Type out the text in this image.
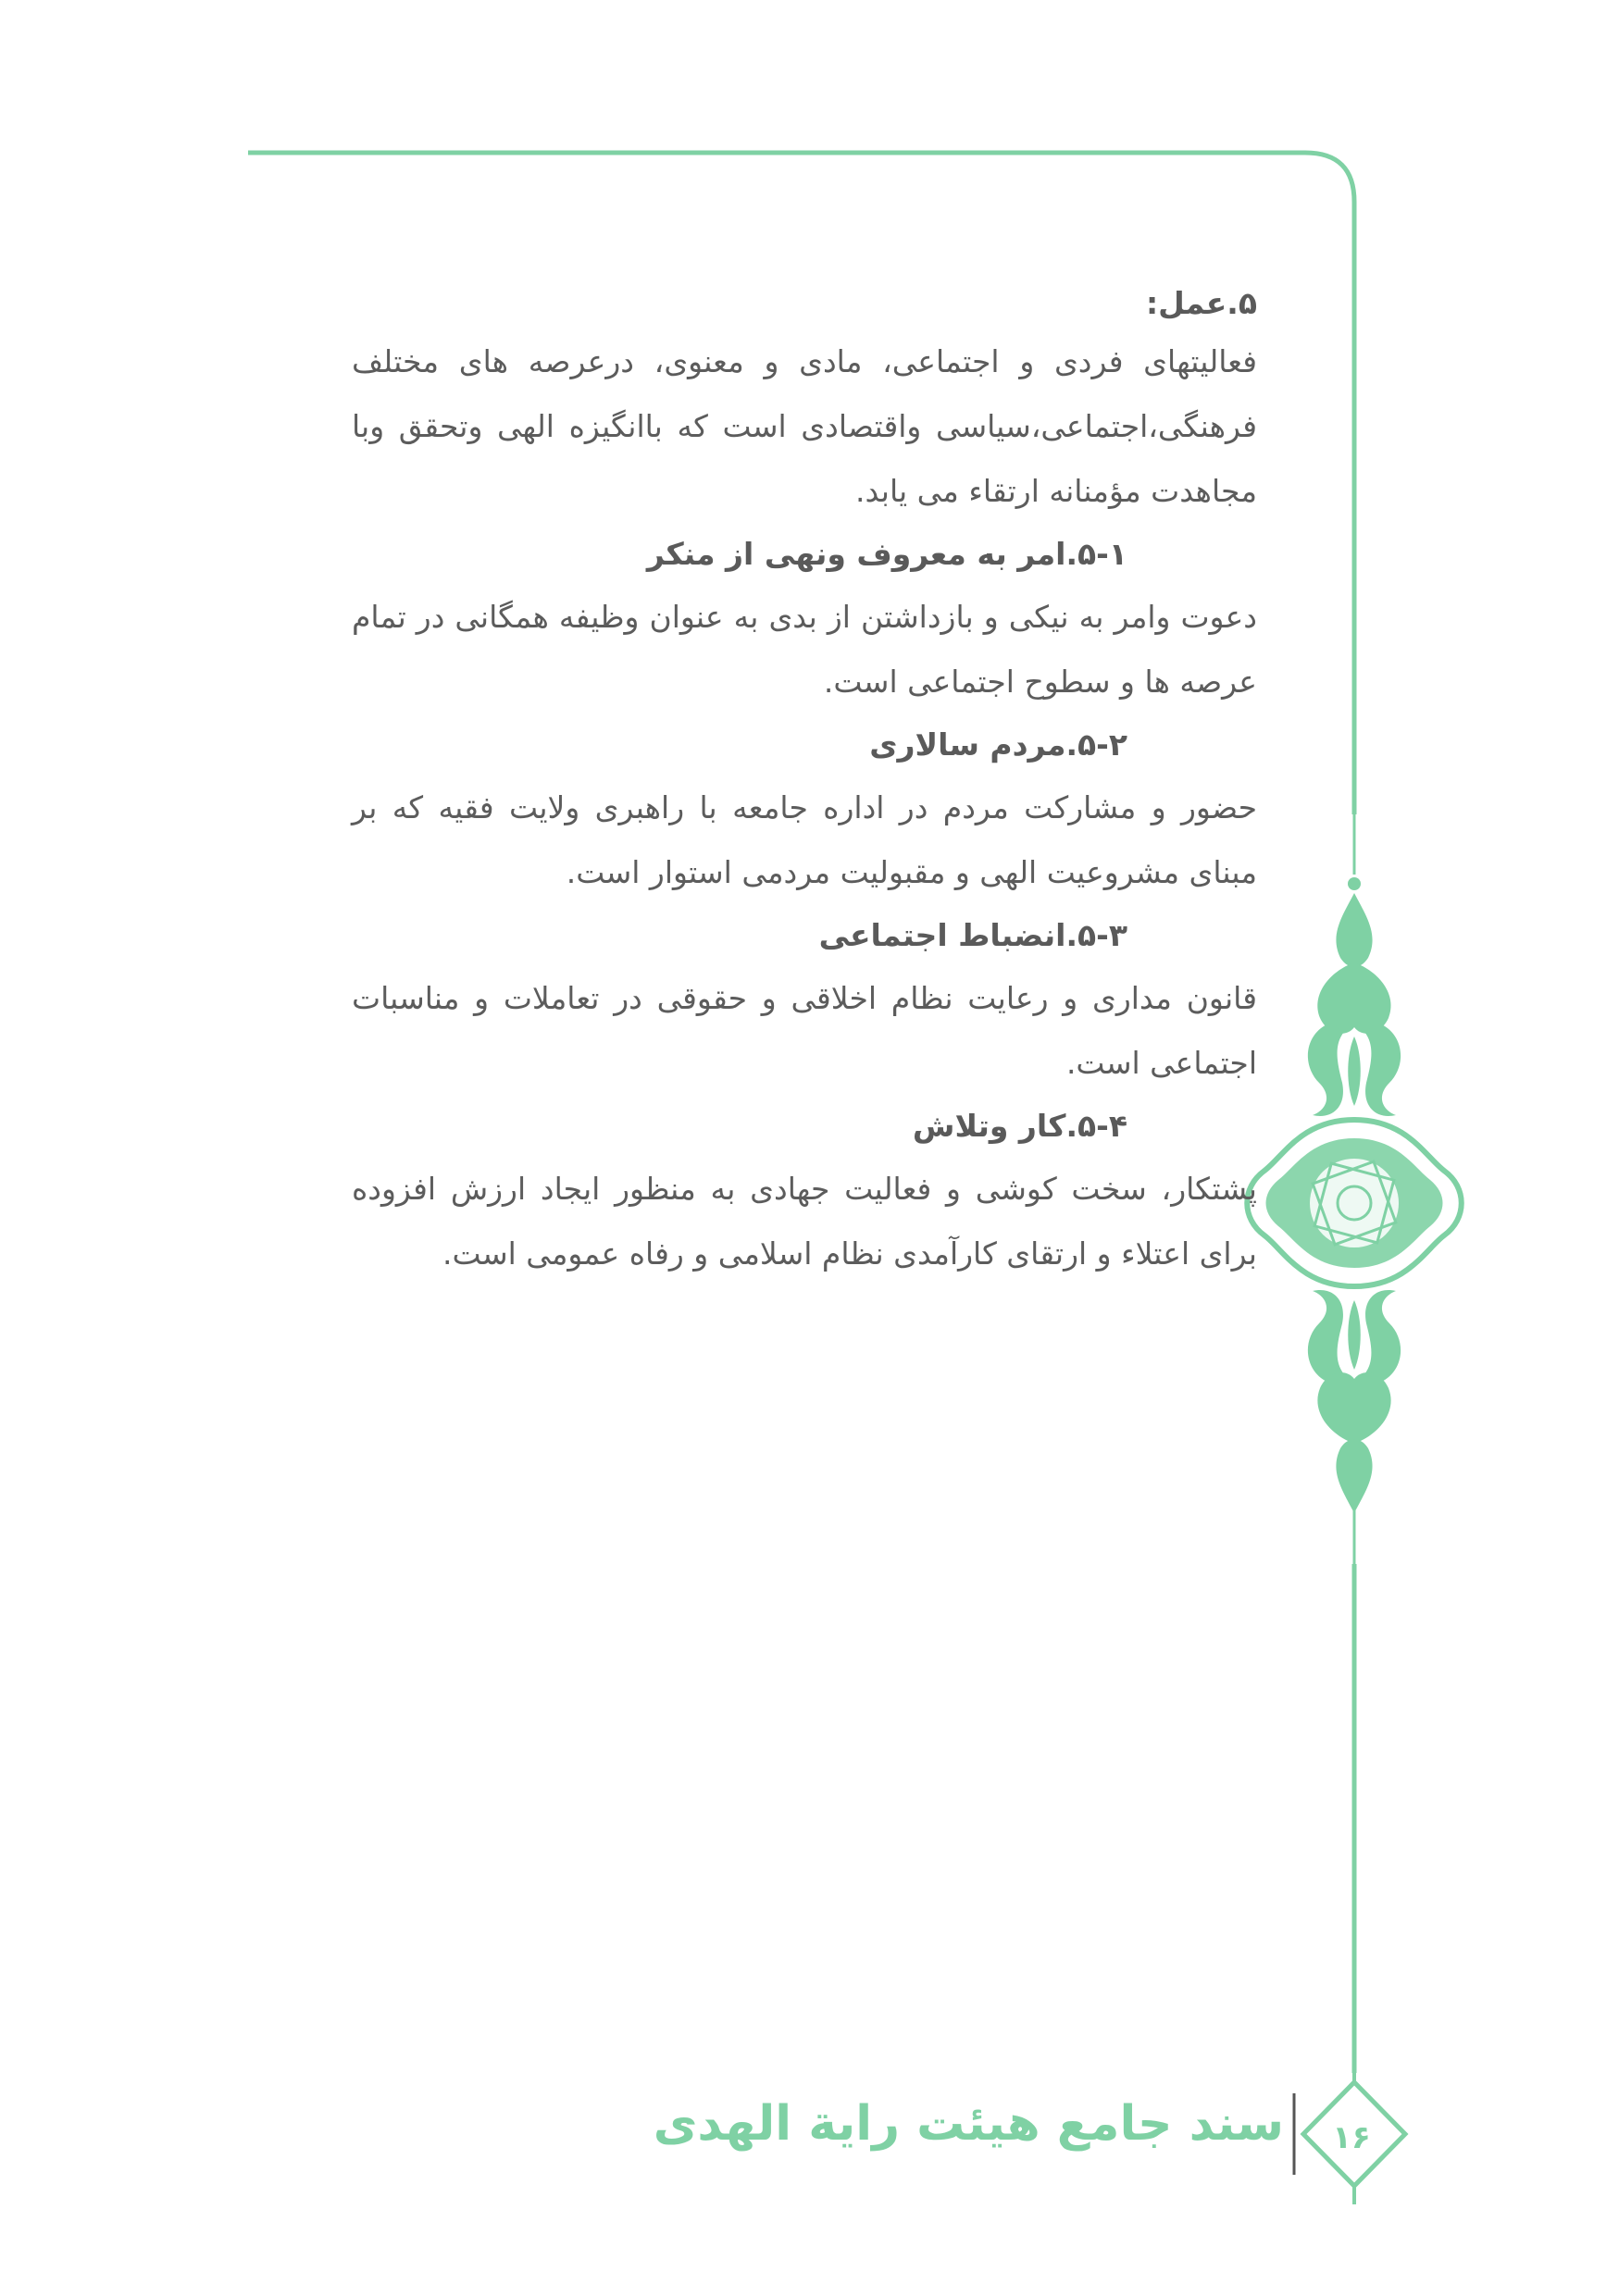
۵.عمل:

فعالیتهای فردی و اجتماعی، مادی و معنوی، درعرصه های مختلف فرهنگی،اجتماعی،سیاسی واقتصادی است که باانگیزه الهی وتحقق وبا مجاهدت مؤمنانه ارتقاء می یابد.

۵-۱.امر به معروف ونهی از منکر

دعوت وامر به نیکی و بازداشتن از بدی به عنوان وظیفه همگانی در تمام عرصه ها و سطوح اجتماعی است.

۵-۲.مردم سالاری

حضور و مشارکت مردم در اداره جامعه با راهبری ولایت فقیه که بر مبنای مشروعیت الهی و مقبولیت مردمی استوار است.

۵-۳.انضباط اجتماعی

قانون مداری و رعایت نظام اخلاقی و حقوقی در تعاملات و مناسبات اجتماعی است.

۵-۴.کار وتلاش

پشتکار، سخت کوشی و فعالیت جهادی به منظور ایجاد ارزش افزوده برای اعتلاء و ارتقای کارآمدی نظام اسلامی و رفاه عمومی است.

سند جامع هیئت رایة الهدی	۱۶
